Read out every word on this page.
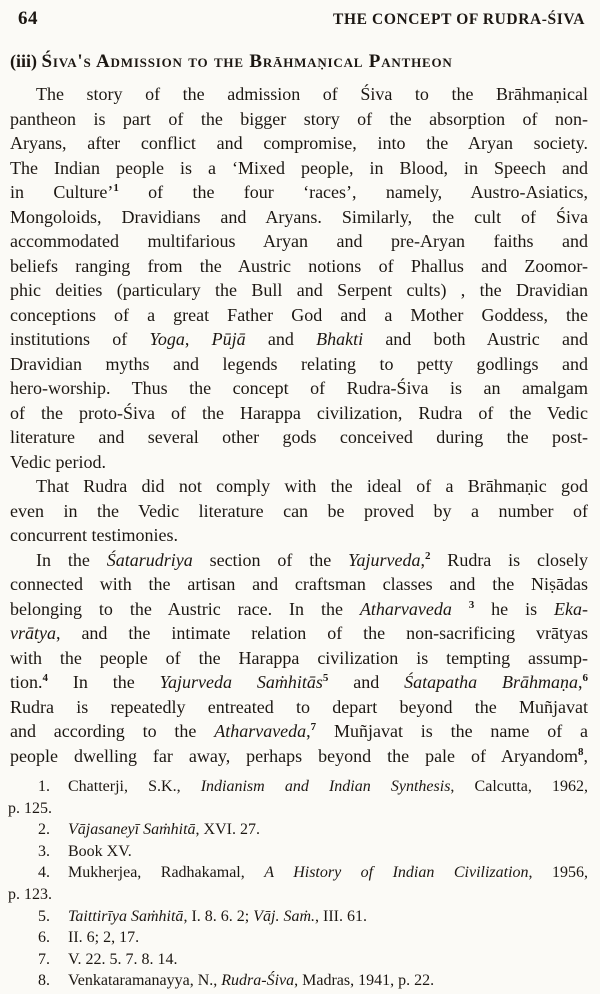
64	THE CONCEPT OF RUDRA-ŚIVA
(iii) Śiva's Admission to the Brāhmaṇical Pantheon
The story of the admission of Śiva to the Brāhmaṇical
pantheon is part of the bigger story of the absorption of non-
Aryans, after conflict and compromise, into the Aryan society.
The Indian people is a ‘Mixed people, in Blood, in Speech and
in Culture’$^1$ of the four ‘races’, namely, Austro-Asiatics,
Mongoloids, Dravidians and Aryans. Similarly, the cult of Śiva
accommodated multifarious Aryan and pre-Aryan faiths and
beliefs ranging from the Austric notions of Phallus and Zoomor-
phic deities (particulary the Bull and Serpent cults) , the Dravidian
conceptions of a great Father God and a Mother Goddess, the
institutions of Yoga, Pūjā and Bhakti and both Austric and
Dravidian myths and legends relating to petty godlings and
hero-worship. Thus the concept of Rudra-Śiva is an amalgam
of the proto-Śiva of the Harappa civilization, Rudra of the Vedic
literature and several other gods conceived during the post-
Vedic period.
That Rudra did not comply with the ideal of a Brāhmaṇic god
even in the Vedic literature can be proved by a number of
concurrent testimonies.
In the Śatarudriya section of the Yajurveda,$^2$ Rudra is closely
connected with the artisan and craftsman classes and the Niṣādas
belonging to the Austric race. In the Atharvaveda $^3$ he is Eka-
vrātya, and the intimate relation of the non-sacrificing vrātyas
with the people of the Harappa civilization is tempting assump-
tion.$^4$ In the Yajurveda Saṁhitās$^5$ and Śatapatha Brāhmaṇa,$^6$
Rudra is repeatedly entreated to depart beyond the Muñjavat
and according to the Atharvaveda,$^7$ Muñjavat is the name of a
people dwelling far away, perhaps beyond the pale of Aryandom$^8$,
1. Chatterji, S.K., Indianism and Indian Synthesis, Calcutta, 1962,
p. 125.
2. Vājasaneyī Saṁhitā, XVI. 27.
3. Book XV.
4. Mukherjea, Radhakamal, A History of Indian Civilization, 1956,
p. 123.
5. Taittirīya Saṁhitā, I. 8. 6. 2; Vāj. Saṁ., III. 61.
6. II. 6; 2, 17.
7. V. 22. 5. 7. 8. 14.
8. Venkataramanayya, N., Rudra-Śiva, Madras, 1941, p. 22.
